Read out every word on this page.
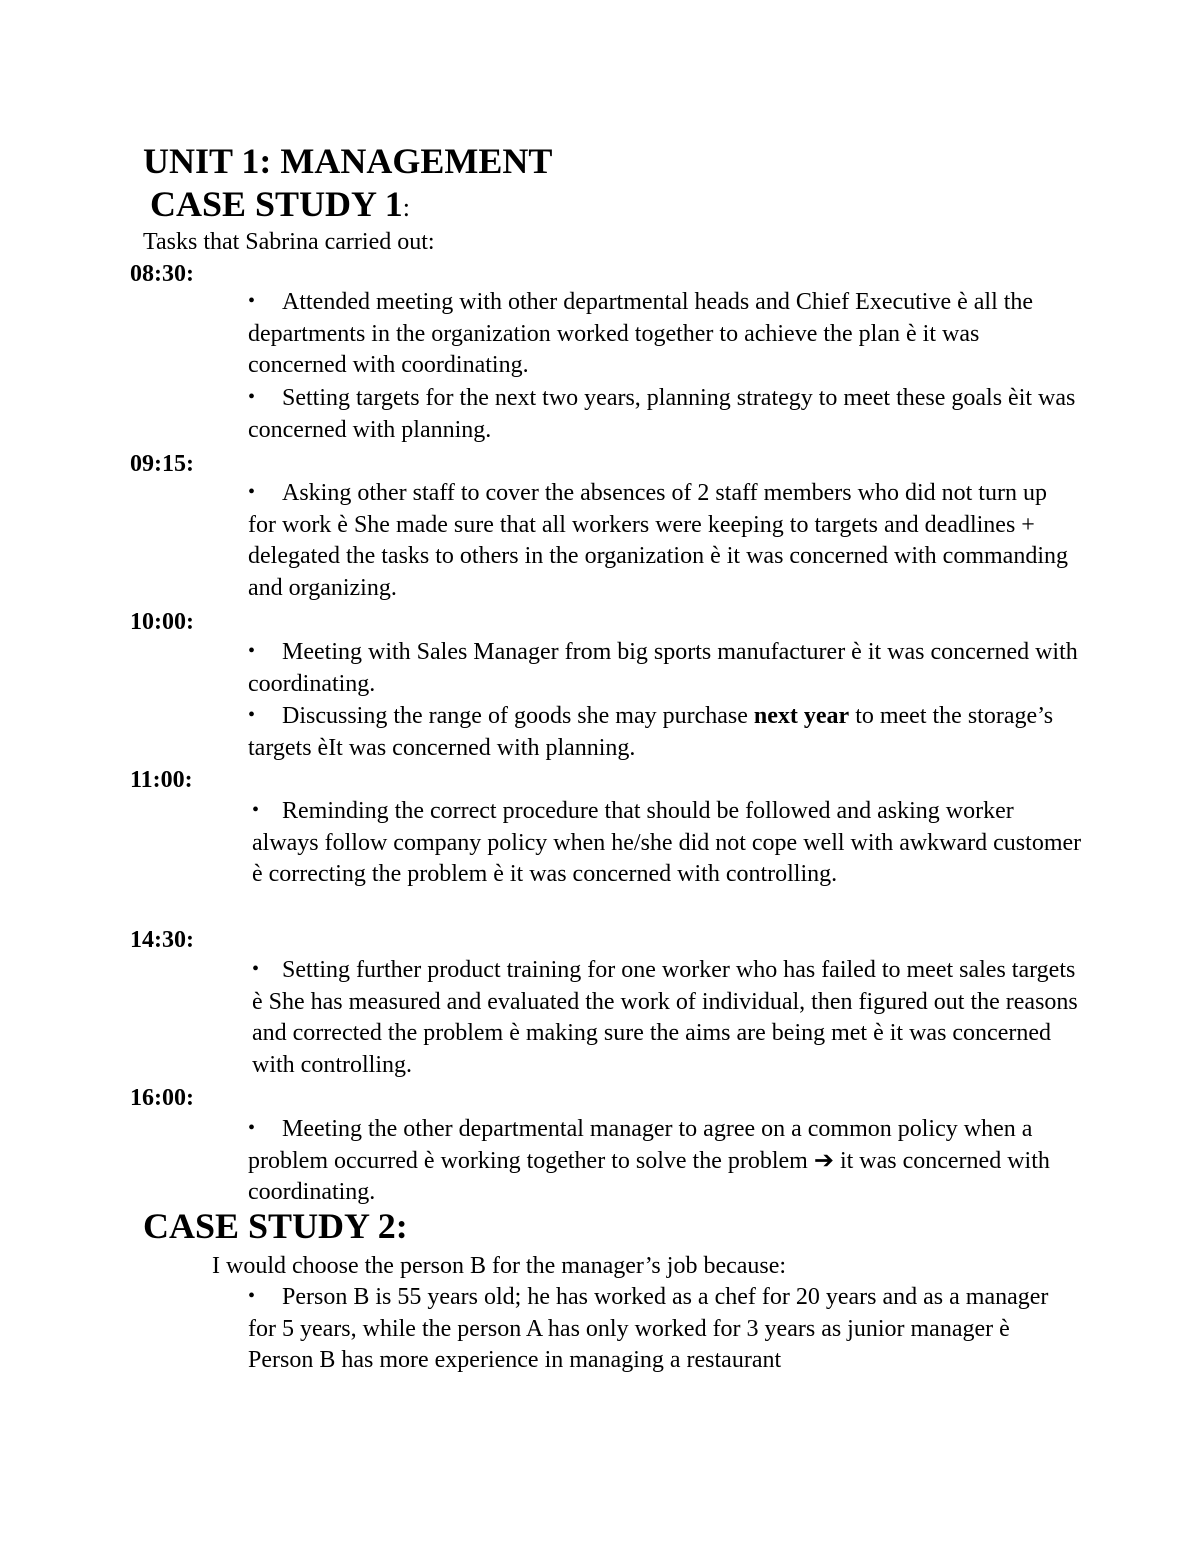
UNIT 1: MANAGEMENT
CASE STUDY 1:
Tasks that Sabrina carried out:
08:30:
• Attended meeting with other departmental heads and Chief Executive è all the departments in the organization worked together to achieve the plan è it was concerned with coordinating.
• Setting targets for the next two years, planning strategy to meet these goals èit was concerned with planning.
09:15:
• Asking other staff to cover the absences of 2 staff members who did not turn up for work è She made sure that all workers were keeping to targets and deadlines + delegated the tasks to others in the organization è it was concerned with commanding and organizing.
10:00:
• Meeting with Sales Manager from big sports manufacturer è it was concerned with coordinating.
• Discussing the range of goods she may purchase next year to meet the storage’s targets èIt was concerned with planning.
11:00:
• Reminding the correct procedure that should be followed and asking worker always follow company policy when he/she did not cope well with awkward customer è correcting the problem è it was concerned with controlling.
14:30:
• Setting further product training for one worker who has failed to meet sales targets è She has measured and evaluated the work of individual, then figured out the reasons and corrected the problem è making sure the aims are being met è it was concerned with controlling.
16:00:
• Meeting the other departmental manager to agree on a common policy when a problem occurred è working together to solve the problem ➔ it was concerned with coordinating.
CASE STUDY 2:
I would choose the person B for the manager’s job because:
• Person B is 55 years old; he has worked as a chef for 20 years and as a manager for 5 years, while the person A has only worked for 3 years as junior manager è Person B has more experience in managing a restaurant
